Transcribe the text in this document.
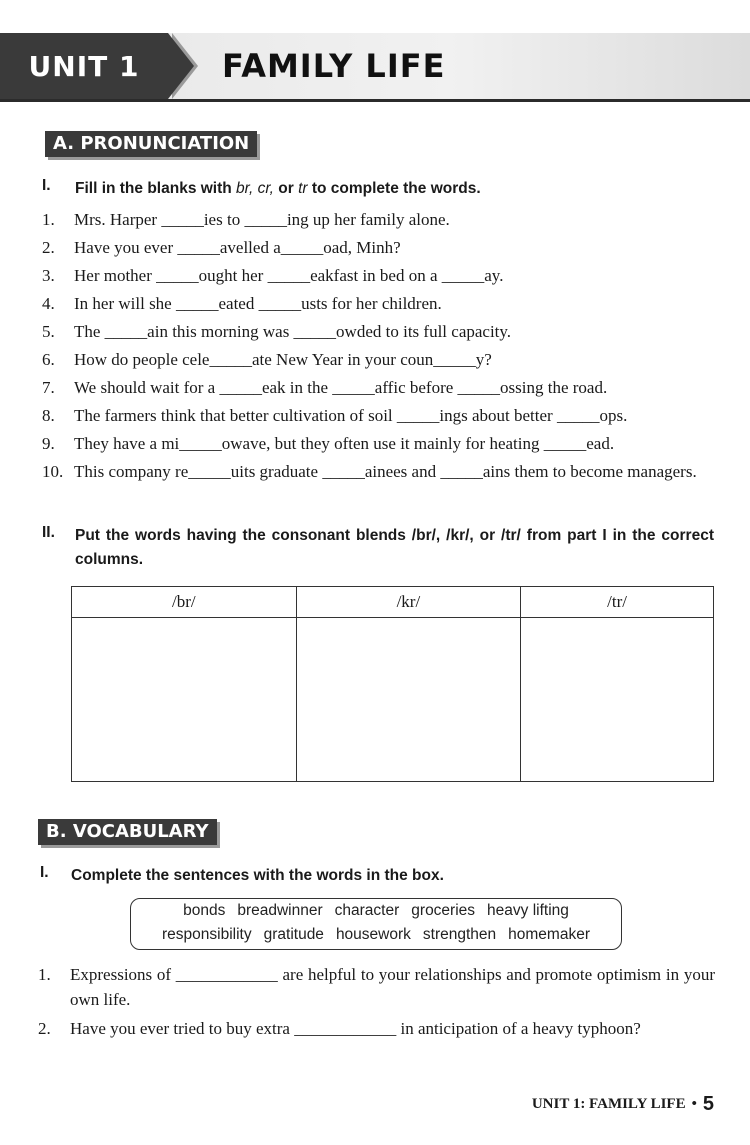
UNIT 1	FAMILY LIFE
A. PRONUNCIATION
I. Fill in the blanks with br, cr, or tr to complete the words.
1.	Mrs. Harper _____ies to _____ing up her family alone.
2.	Have you ever _____avelled a_____oad, Minh?
3.	Her mother _____ought her _____eakfast in bed on a _____ay.
4.	In her will she _____eated _____usts for her children.
5.	The _____ain this morning was _____owded to its full capacity.
6.	How do people cele_____ate New Year in your coun_____y?
7.	We should wait for a _____eak in the _____affic before _____ossing the road.
8.	The farmers think that better cultivation of soil _____ings about better _____ops.
9.	They have a mi_____owave, but they often use it mainly for heating _____ead.
10. This company re_____uits graduate _____ainees and _____ains them to become managers.
II. Put the words having the consonant blends /br/, /kr/, or /tr/ from part I in the correct columns.
/br/	/kr/	/tr/

B. VOCABULARY
I. Complete the sentences with the words in the box.
bonds breadwinner character groceries heavy lifting
responsibility gratitude housework strengthen homemaker
1.	Expressions of ____________ are helpful to your relationships and promote optimism in your own life.
2.	Have you ever tried to buy extra ____________ in anticipation of a heavy typhoon?
UNIT 1: FAMILY LIFE • 5
